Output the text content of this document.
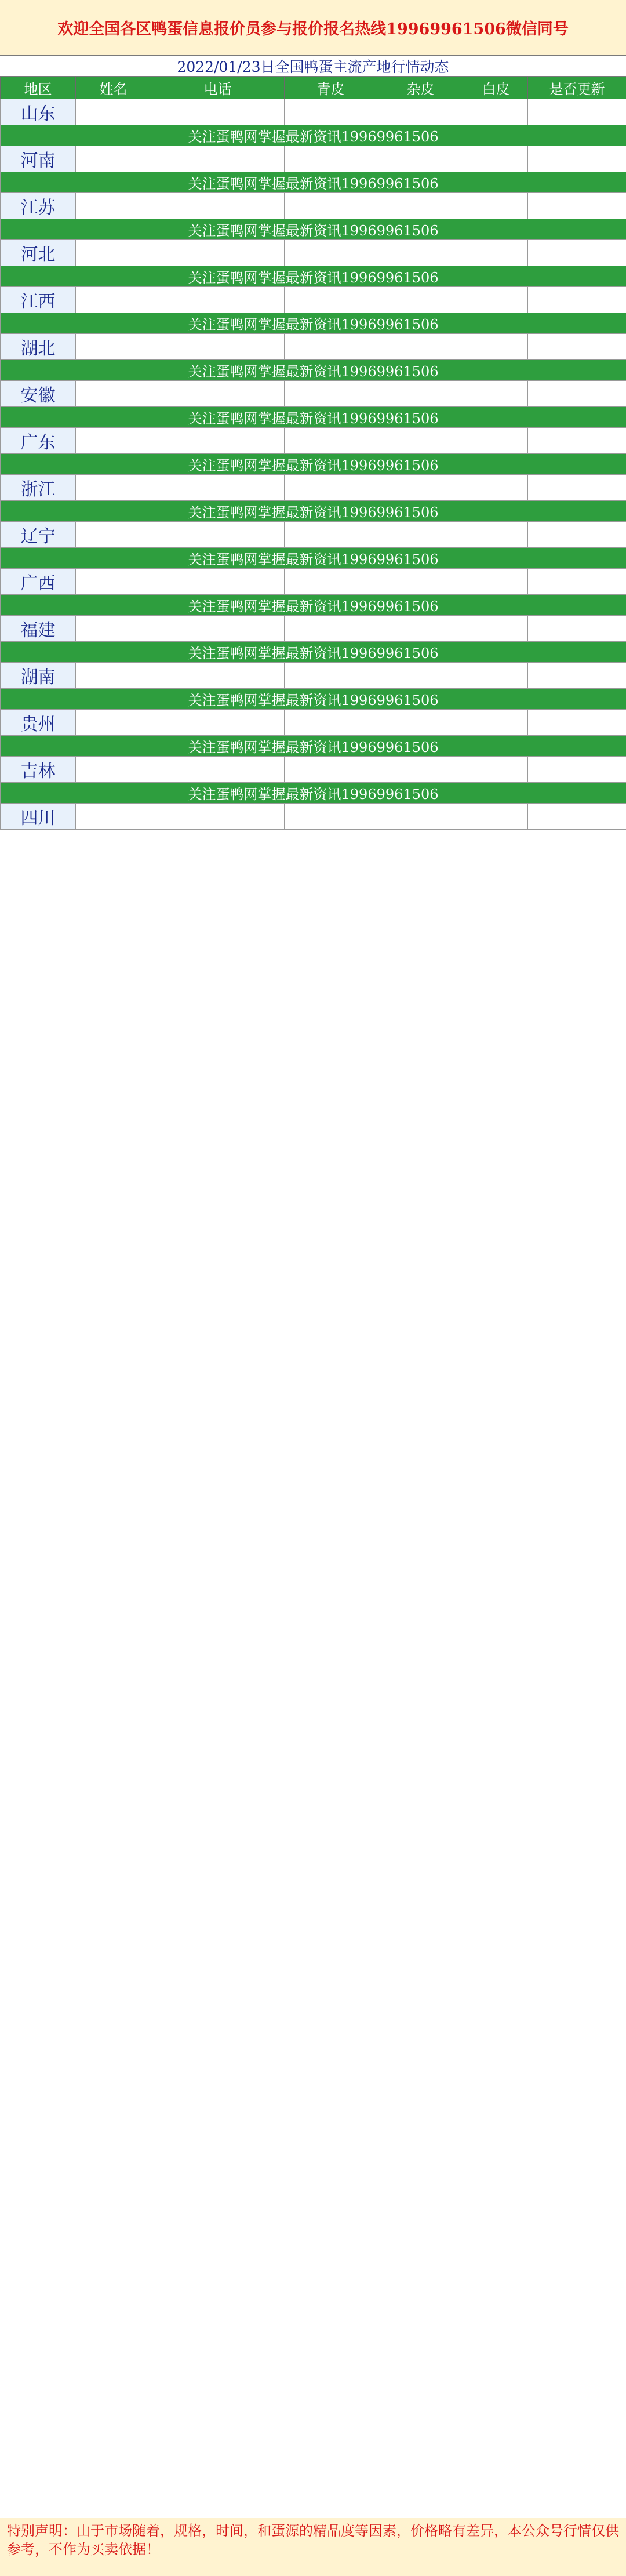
欢迎全国各区鸭蛋信息报价员参与报价报名热线19969961506微信同号
2022/01/23日全国鸭蛋主流产地行情动态
地区	姓名	电话	青皮	杂皮	白皮	是否更新
山东						
关注蛋鸭网掌握最新资讯19969961506						
河南						
关注蛋鸭网掌握最新资讯19969961506						
江苏						
关注蛋鸭网掌握最新资讯19969961506						
河北						
关注蛋鸭网掌握最新资讯19969961506						
江西						
关注蛋鸭网掌握最新资讯19969961506						
湖北						
关注蛋鸭网掌握最新资讯19969961506						
安徽						
关注蛋鸭网掌握最新资讯19969961506						
广东						
关注蛋鸭网掌握最新资讯19969961506						
浙江						
关注蛋鸭网掌握最新资讯19969961506						
辽宁						
关注蛋鸭网掌握最新资讯19969961506						
广西						
关注蛋鸭网掌握最新资讯19969961506						
福建						
关注蛋鸭网掌握最新资讯19969961506						
湖南						
关注蛋鸭网掌握最新资讯19969961506						
贵州						
关注蛋鸭网掌握最新资讯19969961506						
吉林						
关注蛋鸭网掌握最新资讯19969961506						
四川						
特别声明：由于市场随着，规格，时间，和蛋源的精品度等因素，价格略有差异，本公众号行情仅供参考，不作为买卖依据！
